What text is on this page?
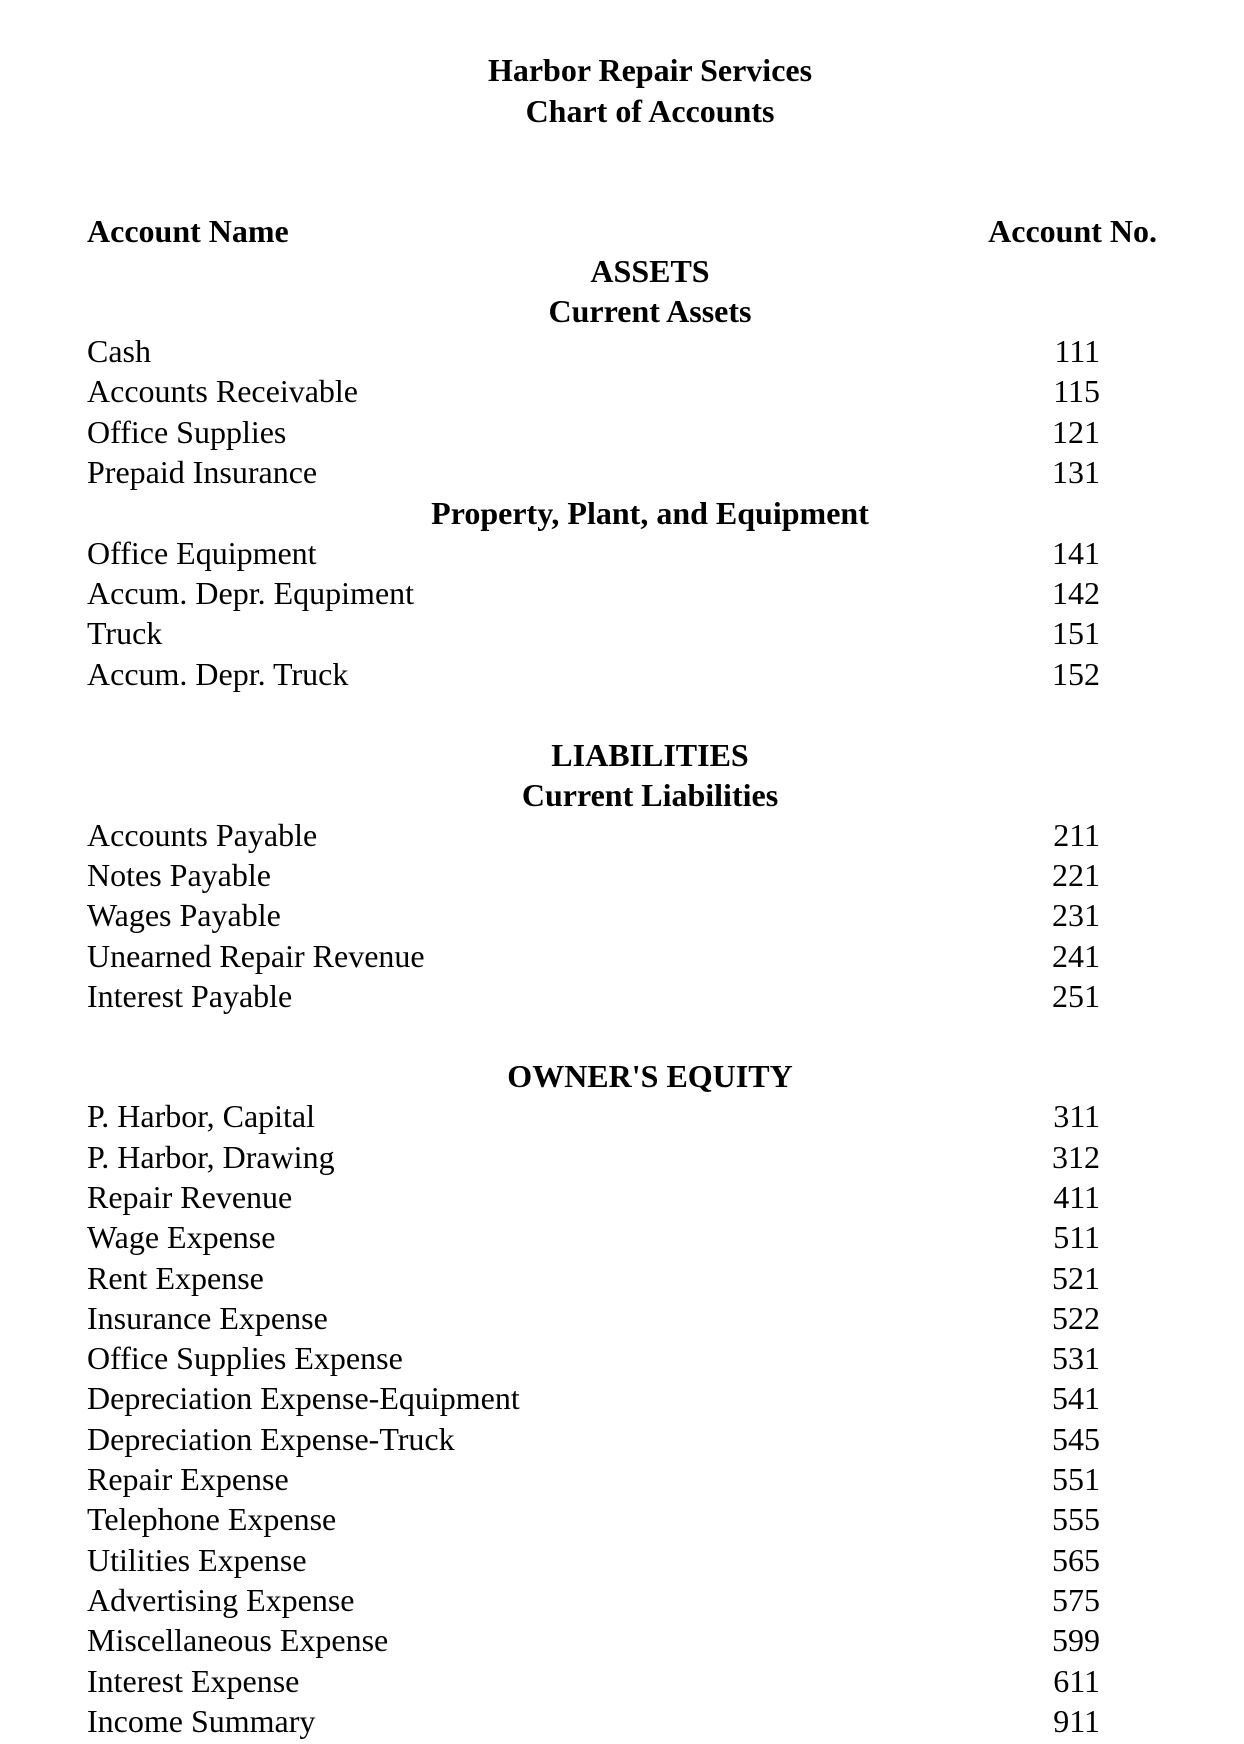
Harbor Repair Services
Chart of Accounts
Account Name	Account No.
ASSETS
Current Assets
Property, Plant, and Equipment
LIABILITIES
Current Liabilities
OWNER'S EQUITY
Cash	111
Accounts Receivable	115
Office Supplies	121
Prepaid Insurance	131
Office Equipment	141
Accum. Depr. Equpiment	142
Truck	151
Accum. Depr. Truck	152
Accounts Payable	211
Notes Payable	221
Wages Payable	231
Unearned Repair Revenue	241
Interest Payable	251
P. Harbor, Capital	311
P. Harbor, Drawing	312
Repair Revenue	411
Wage Expense	511
Rent Expense	521
Insurance Expense	522
Office Supplies Expense	531
Depreciation Expense-Equipment	541
Depreciation Expense-Truck	545
Repair Expense	551
Telephone Expense	555
Utilities Expense	565
Advertising Expense	575
Miscellaneous Expense	599
Interest Expense	611
Income Summary	911
